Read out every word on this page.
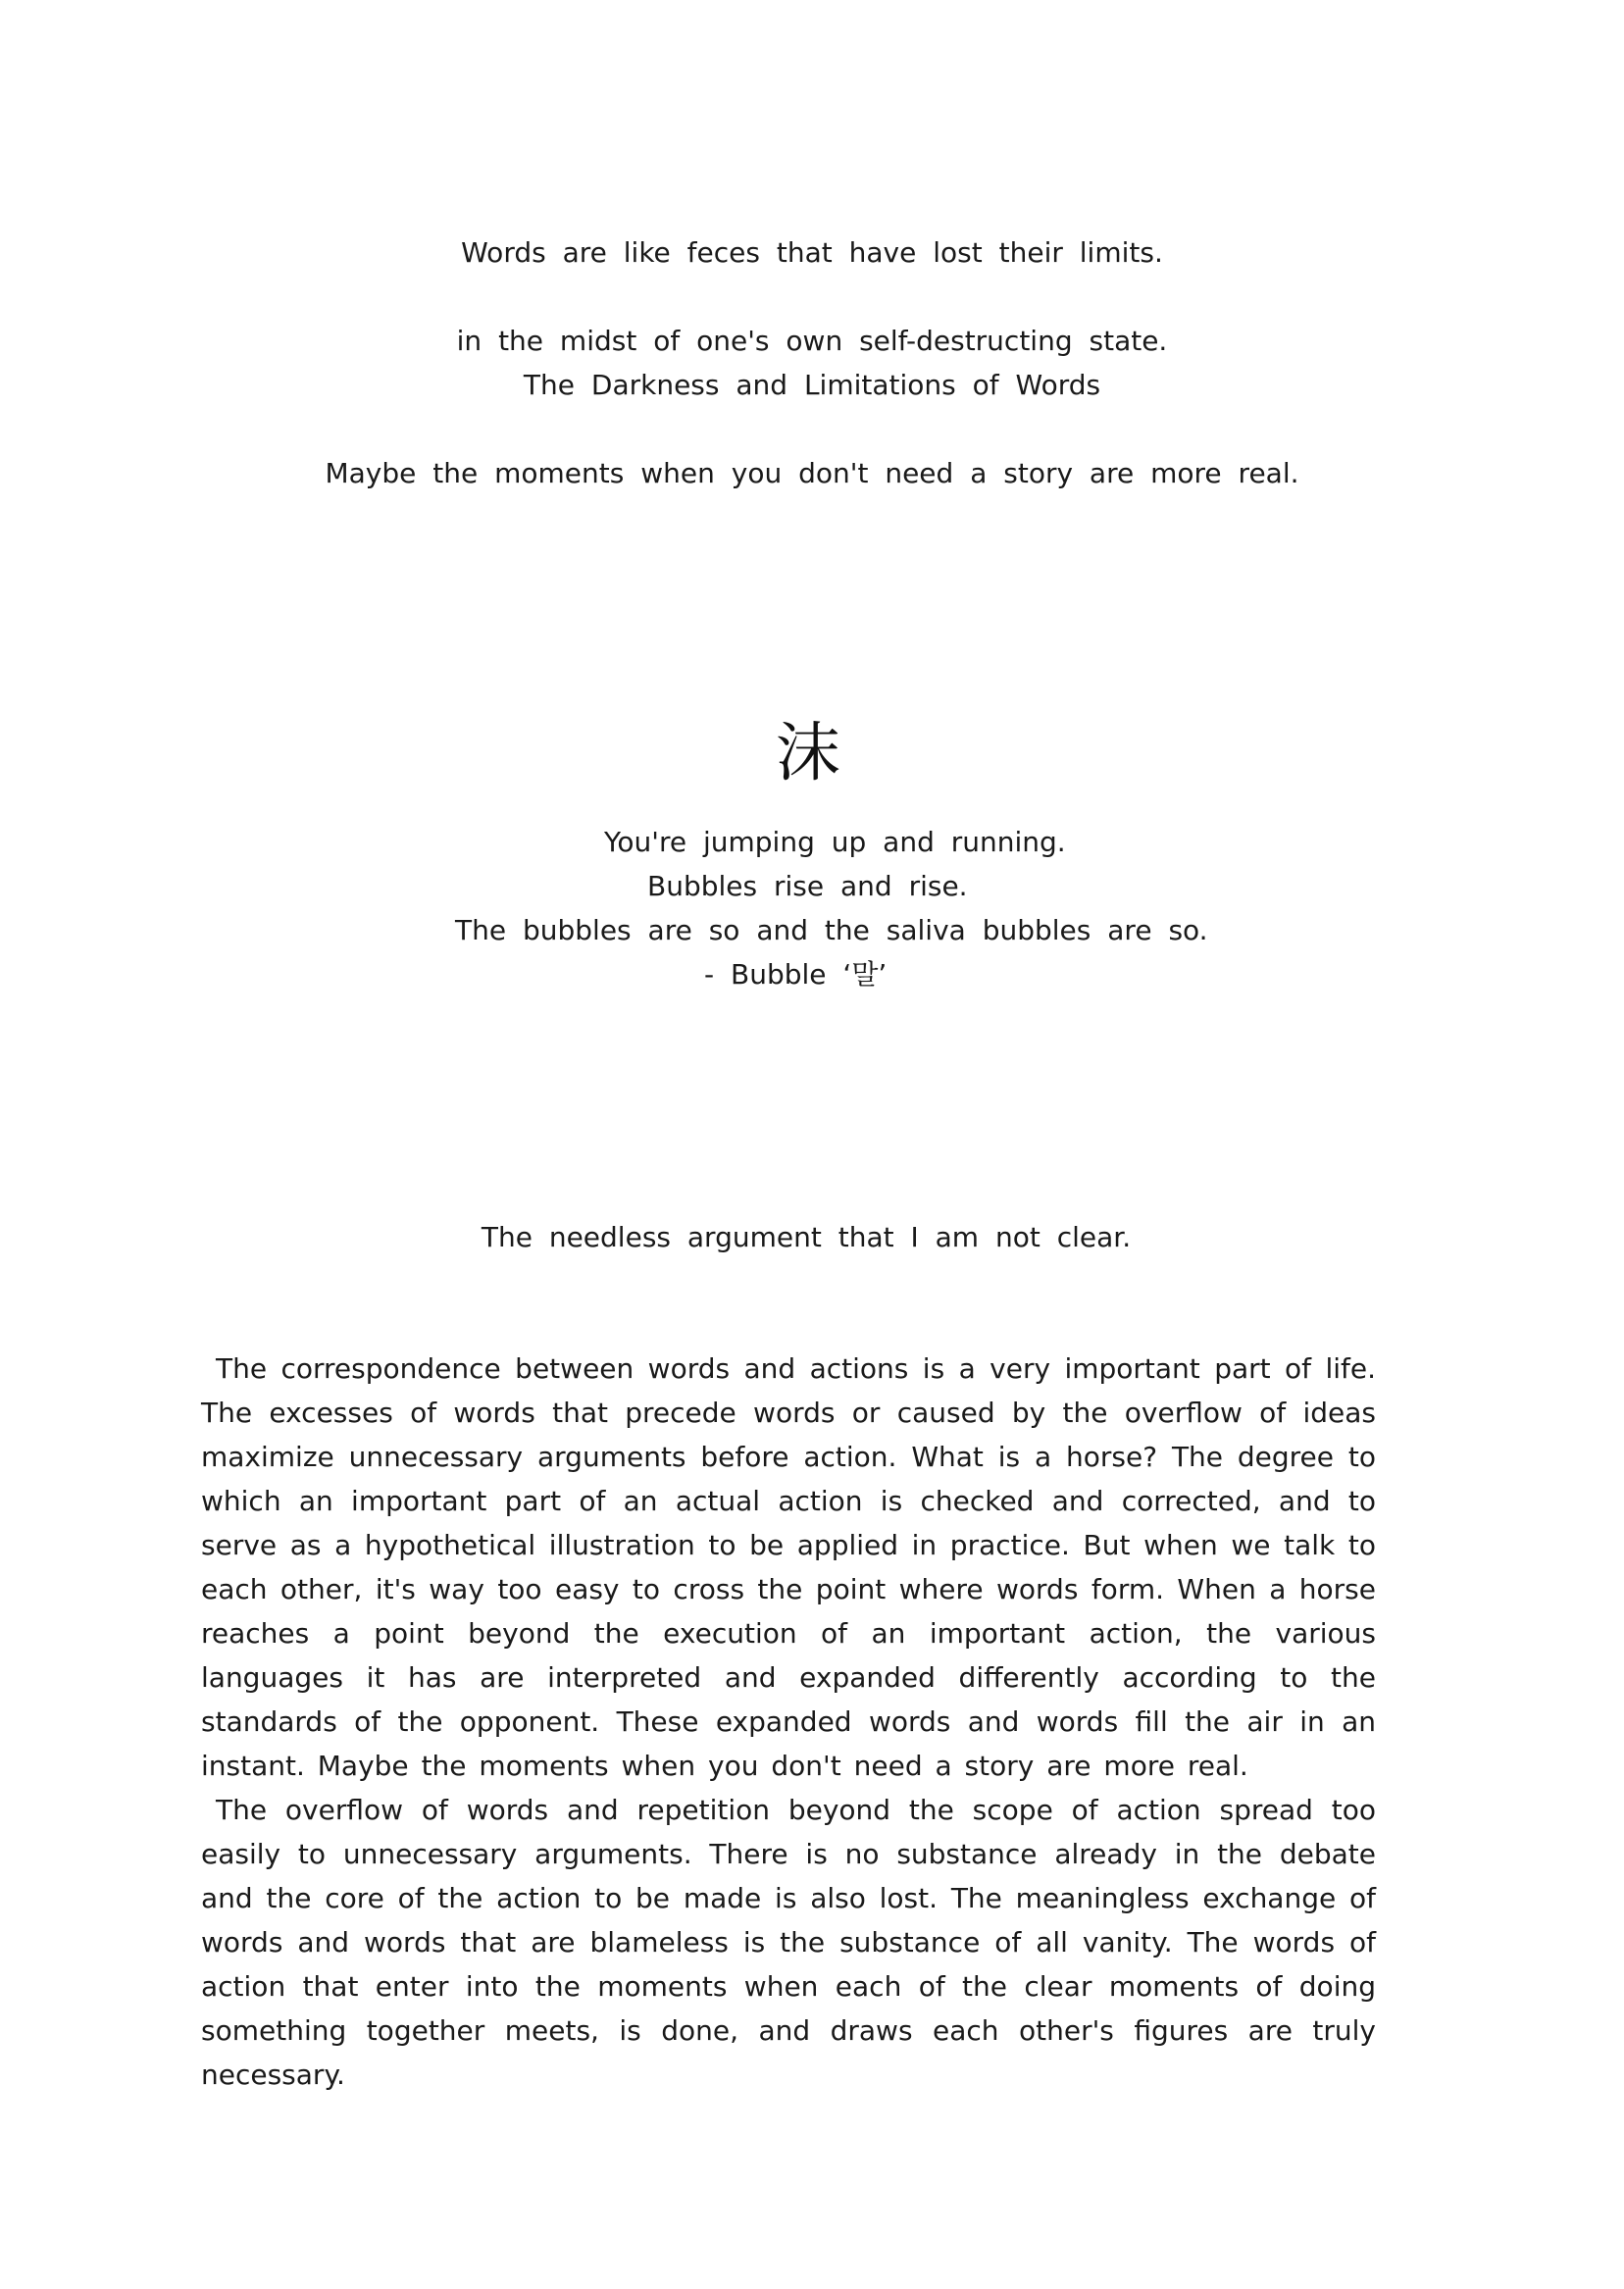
Words are like feces that have lost their limits.
in the midst of one's own self-destructing state.
The Darkness and Limitations of Words
Maybe the moments when you don't need a story are more real.
沫
You're jumping up and running.
Bubbles rise and rise.
The bubbles are so and the saliva bubbles are so.
- Bubble ‘말’
The needless argument that I am not clear.

The correspondence between words and actions is a very important part of life. The excesses of words that precede words or caused by the overflow of ideas maximize unnecessary arguments before action. What is a horse? The degree to which an important part of an actual action is checked and corrected, and to serve as a hypothetical illustration to be applied in practice. But when we talk to each other, it's way too easy to cross the point where words form. When a horse reaches a point beyond the execution of an important action, the various languages it has are interpreted and expanded differently according to the standards of the opponent. These expanded words and words fill the air in an instant. Maybe the moments when you don't need a story are more real.

The overflow of words and repetition beyond the scope of action spread too easily to unnecessary arguments. There is no substance already in the debate and the core of the action to be made is also lost. The meaningless exchange of words and words that are blameless is the substance of all vanity. The words of action that enter into the moments when each of the clear moments of doing something together meets, is done, and draws each other's figures are truly necessary.
